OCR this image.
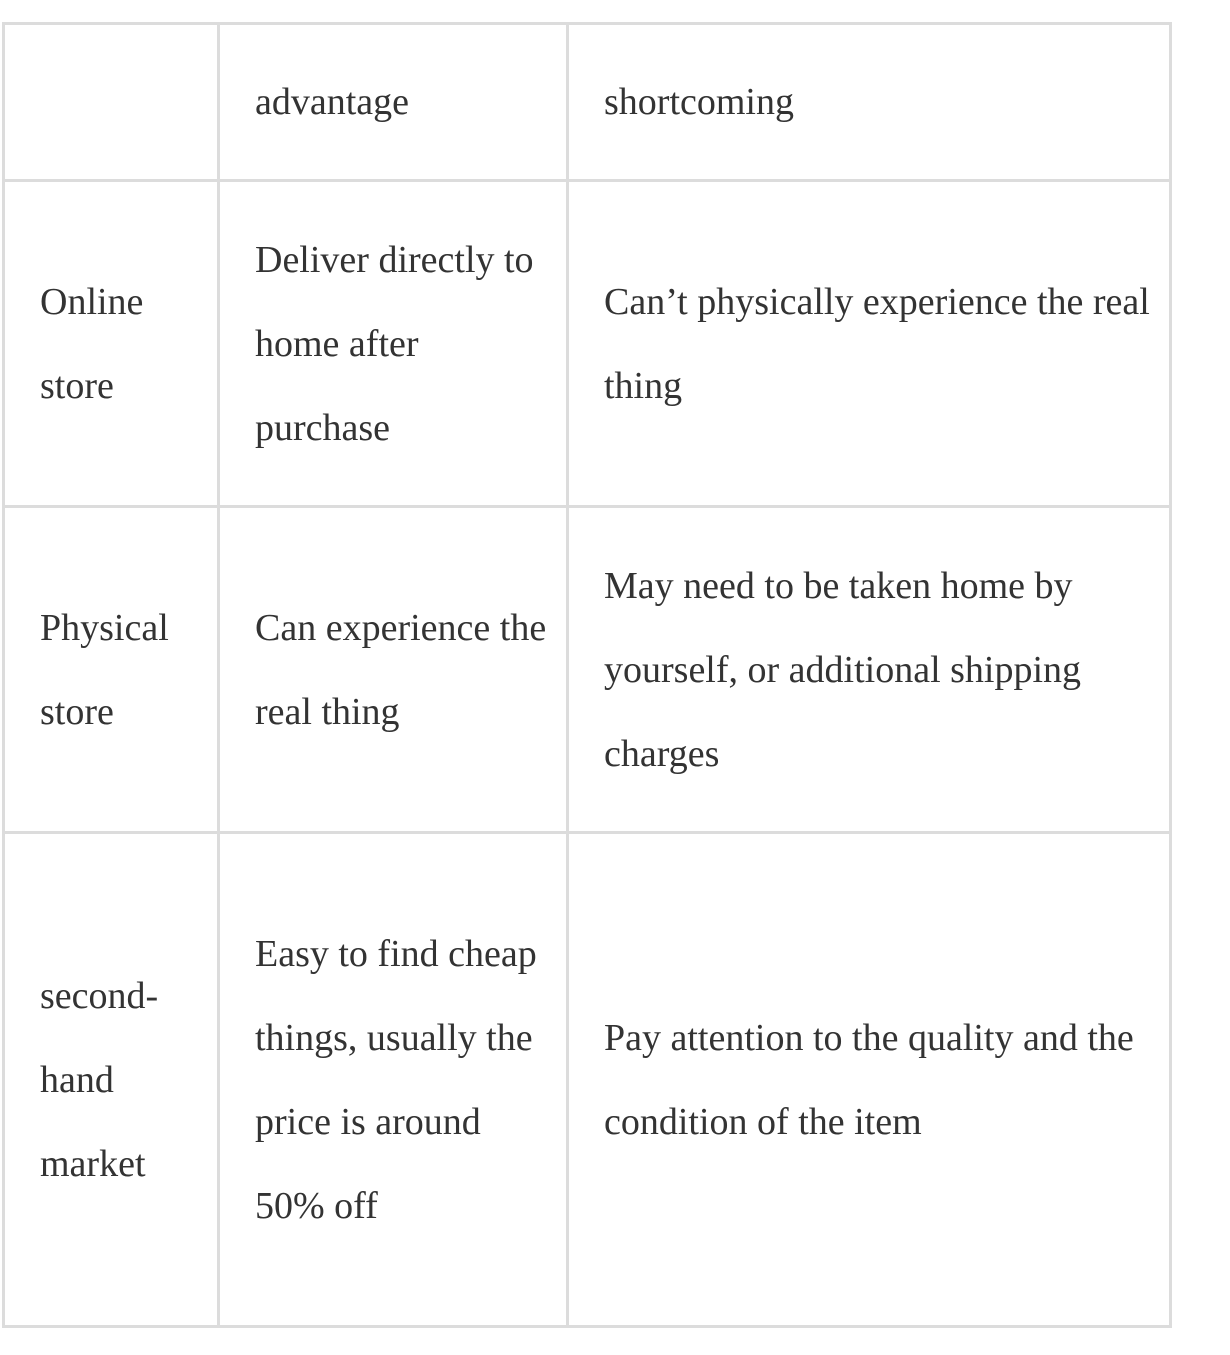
	advantage	shortcoming
Online store	Deliver directly to home after purchase	Can’t physically experience the real thing
Physical store	Can experience the real thing	May need to be taken home by yourself, or additional shipping charges
second-hand market	Easy to find cheap things, usually the price is around 50% off	Pay attention to the quality and the condition of the item
